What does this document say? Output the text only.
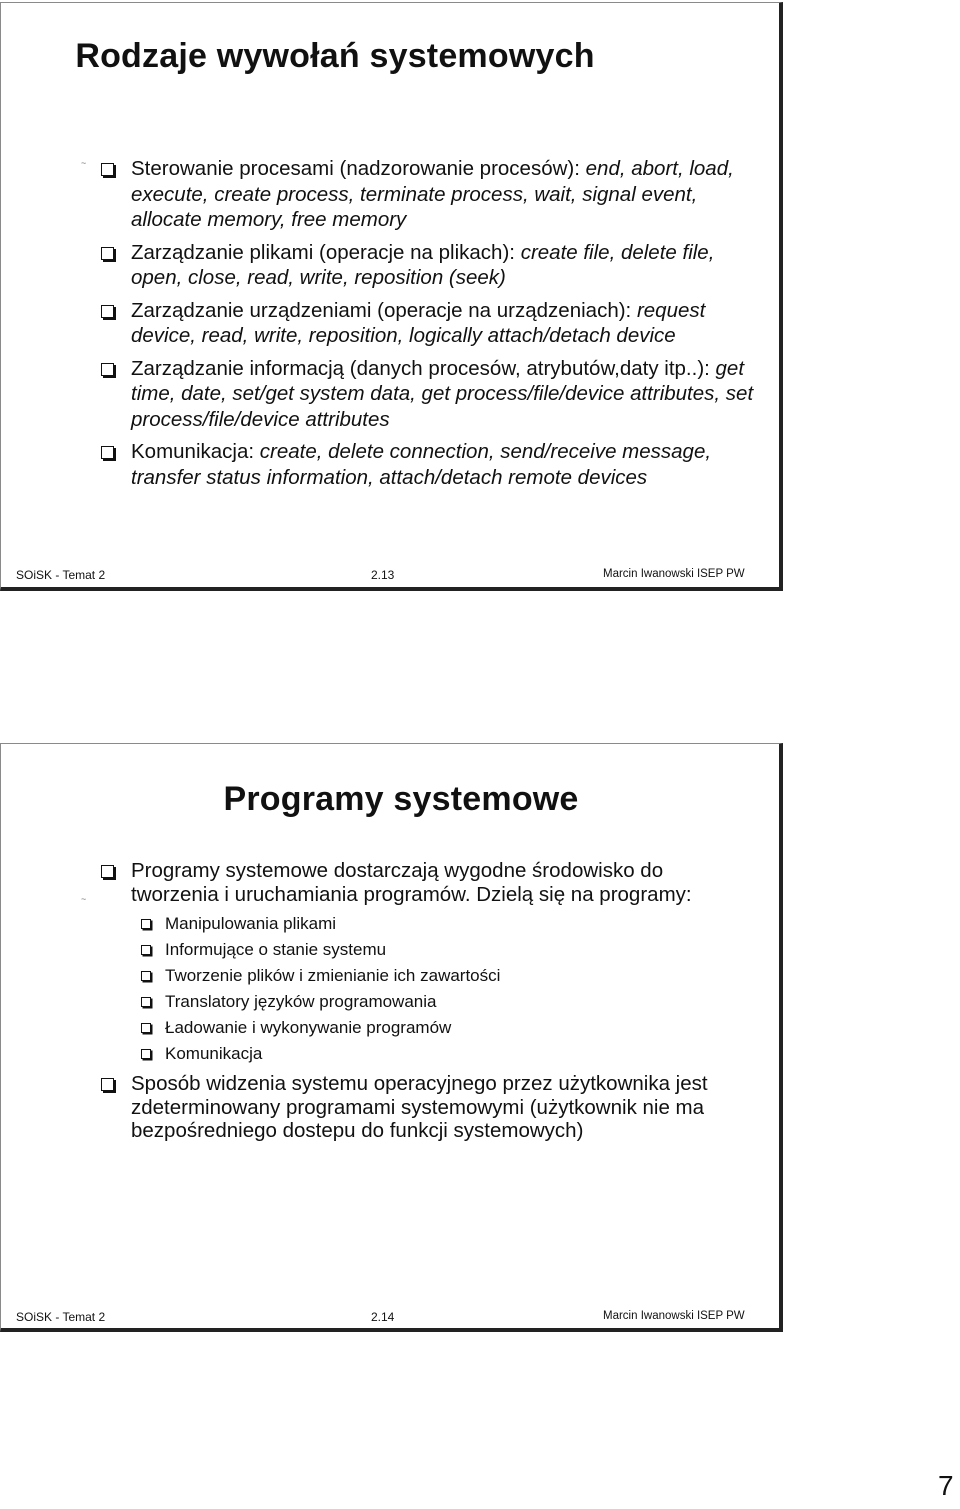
Rodzaje wywołań systemowych
~	Sterowanie procesami (nadzorowanie procesów): end, abort, load, execute, create process, terminate process, wait, signal event, allocate memory, free memory
Zarządzanie plikami (operacje na plikach): create file, delete file, open, close, read, write, reposition (seek)
Zarządzanie urządzeniami (operacje na urządzeniach): request device, read, write, reposition, logically attach/detach device
Zarządzanie informacją (danych procesów, atrybutów,daty itp..): get time, date, set/get system data, get process/file/device attributes, set process/file/device attributes
Komunikacja: create, delete connection, send/receive message, transfer status information, attach/detach remote devices
SOiSK - Temat 2	2.13	Marcin Iwanowski ISEP PW
Programy systemowe
~
Programy systemowe dostarczają wygodne środowisko do tworzenia i uruchamiania programów. Dzielą się na programy:
Manipulowania plikami
Informujące o stanie systemu
Tworzenie plików i zmienianie ich zawartości
Translatory języków programowania
Ładowanie i wykonywanie programów
Komunikacja
Sposób widzenia systemu operacyjnego przez użytkownika jest zdeterminowany programami systemowymi (użytkownik nie ma bezpośredniego dostepu do funkcji systemowych)
SOiSK - Temat 2	2.14	Marcin Iwanowski ISEP PW
7
